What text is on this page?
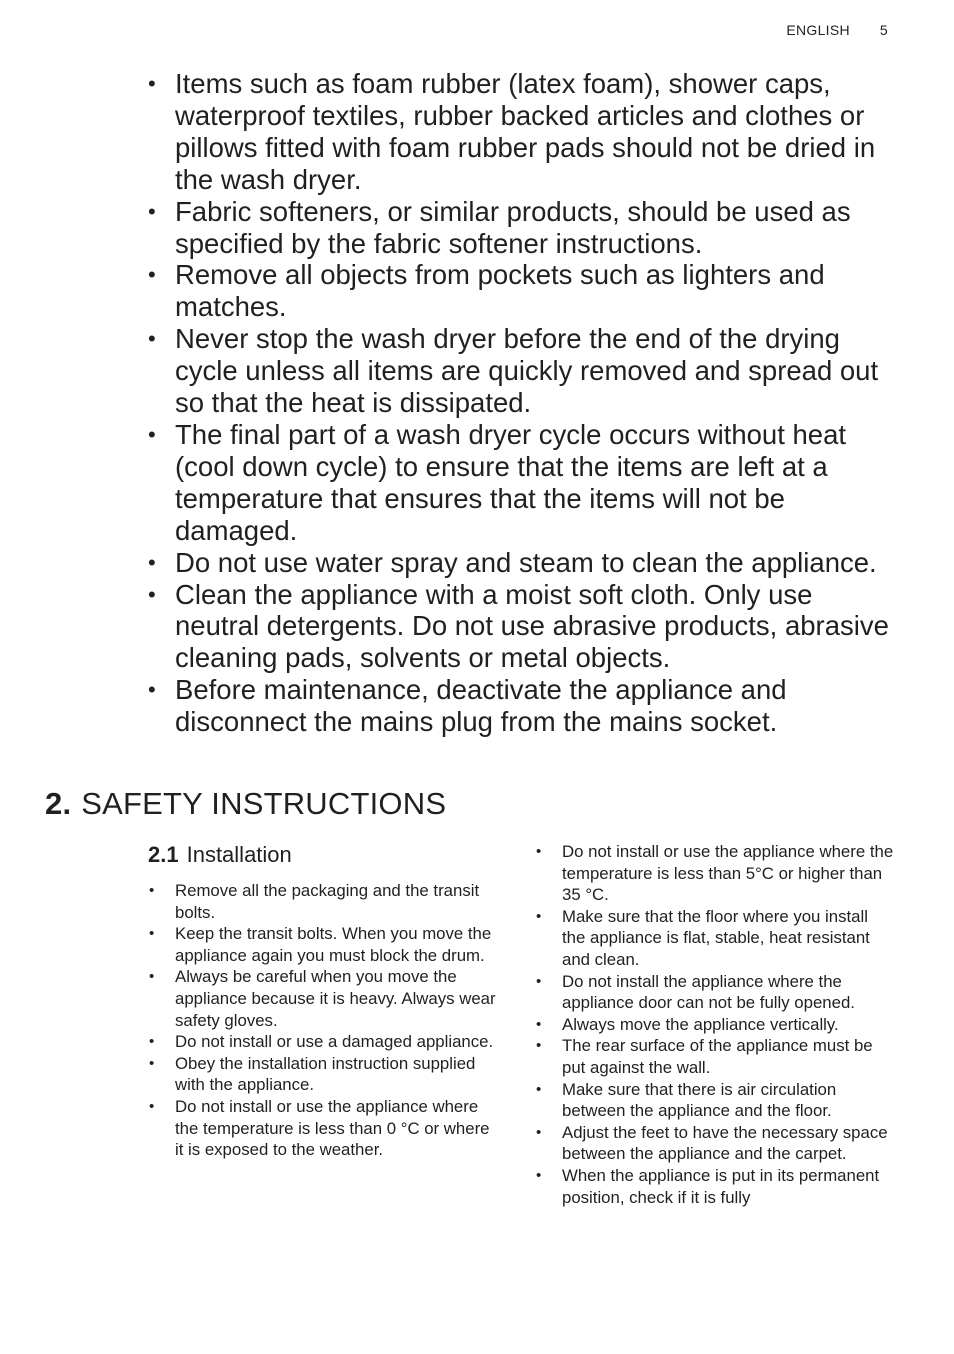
ENGLISH 5
• Items such as foam rubber (latex foam), shower caps, waterproof textiles, rubber backed articles and clothes or pillows fitted with foam rubber pads should not be dried in the wash dryer.
• Fabric softeners, or similar products, should be used as specified by the fabric softener instructions.
• Remove all objects from pockets such as lighters and matches.
• Never stop the wash dryer before the end of the drying cycle unless all items are quickly removed and spread out so that the heat is dissipated.
• The final part of a wash dryer cycle occurs without heat (cool down cycle) to ensure that the items are left at a temperature that ensures that the items will not be damaged.
• Do not use water spray and steam to clean the appliance.
• Clean the appliance with a moist soft cloth. Only use neutral detergents. Do not use abrasive products, abrasive cleaning pads, solvents or metal objects.
• Before maintenance, deactivate the appliance and disconnect the mains plug from the mains socket.
2. SAFETY INSTRUCTIONS
2.1 Installation
• Remove all the packaging and the transit bolts.
• Keep the transit bolts. When you move the appliance again you must block the drum.
• Always be careful when you move the appliance because it is heavy. Always wear safety gloves.
• Do not install or use a damaged appliance.
• Obey the installation instruction supplied with the appliance.
• Do not install or use the appliance where the temperature is less than 0 °C or where it is exposed to the weather.
• Do not install or use the appliance where the temperature is less than 5°C or higher than 35 °C.
• Make sure that the floor where you install the appliance is flat, stable, heat resistant and clean.
• Do not install the appliance where the appliance door can not be fully opened.
• Always move the appliance vertically.
• The rear surface of the appliance must be put against the wall.
• Make sure that there is air circulation between the appliance and the floor.
• Adjust the feet to have the necessary space between the appliance and the carpet.
• When the appliance is put in its permanent position, check if it is fully
